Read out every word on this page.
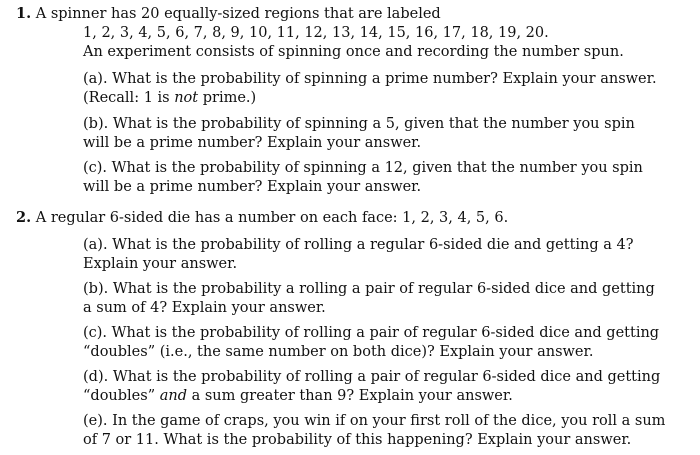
1. A spinner has 20 equally-sized regions that are labeled
1, 2, 3, 4, 5, 6, 7, 8, 9, 10, 11, 12, 13, 14, 15, 16, 17, 18, 19, 20.
An experiment consists of spinning once and recording the number spun.
(a). What is the probability of spinning a prime number? Explain your answer.
(Recall: 1 is not prime.)
(b). What is the probability of spinning a 5, given that the number you spin
will be a prime number? Explain your answer.
(c). What is the probability of spinning a 12, given that the number you spin
will be a prime number? Explain your answer.
2. A regular 6-sided die has a number on each face: 1, 2, 3, 4, 5, 6.
(a). What is the probability of rolling a regular 6-sided die and getting a 4?
Explain your answer.
(b). What is the probability a rolling a pair of regular 6-sided dice and getting
a sum of 4? Explain your answer.
(c). What is the probability of rolling a pair of regular 6-sided dice and getting
“doubles” (i.e., the same number on both dice)? Explain your answer.
(d). What is the probability of rolling a pair of regular 6-sided dice and getting
“doubles” and a sum greater than 9? Explain your answer.
(e). In the game of craps, you win if on your first roll of the dice, you roll a sum
of 7 or 11. What is the probability of this happening? Explain your answer.
